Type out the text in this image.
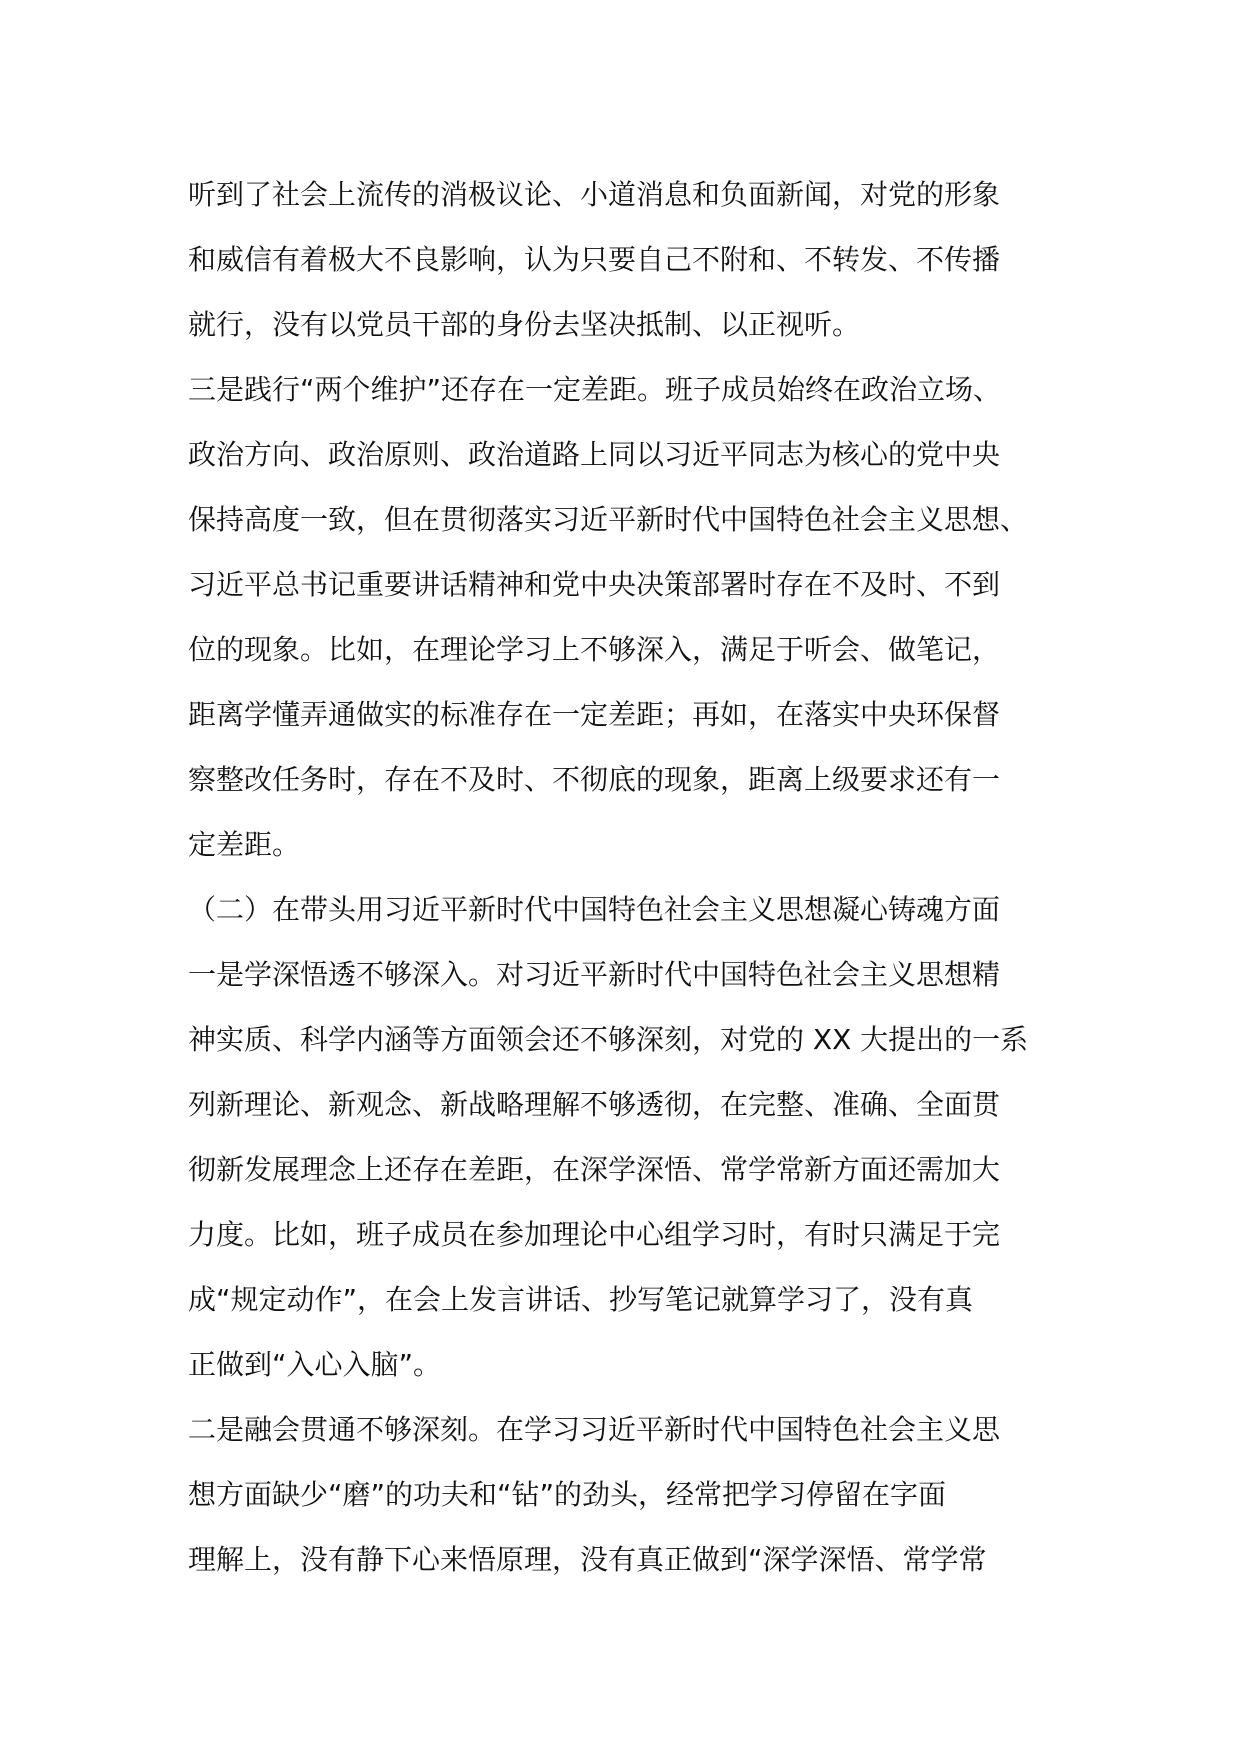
听到了社会上流传的消极议论、小道消息和负面新闻，对党的形象
和威信有着极大不良影响，认为只要自己不附和、不转发、不传播
就行，没有以党员干部的身份去坚决抵制、以正视听。
三是践行“两个维护”还存在一定差距。班子成员始终在政治立场、
政治方向、政治原则、政治道路上同以习近平同志为核心的党中央
保持高度一致，但在贯彻落实习近平新时代中国特色社会主义思想、
习近平总书记重要讲话精神和党中央决策部署时存在不及时、不到
位的现象。比如，在理论学习上不够深入，满足于听会、做笔记，
距离学懂弄通做实的标准存在一定差距；再如，在落实中央环保督
察整改任务时，存在不及时、不彻底的现象，距离上级要求还有一
定差距。
（二）在带头用习近平新时代中国特色社会主义思想凝心铸魂方面
一是学深悟透不够深入。对习近平新时代中国特色社会主义思想精
神实质、科学内涵等方面领会还不够深刻，对党的 XX 大提出的一系
列新理论、新观念、新战略理解不够透彻，在完整、准确、全面贯
彻新发展理念上还存在差距，在深学深悟、常学常新方面还需加大
力度。比如，班子成员在参加理论中心组学习时，有时只满足于完
成“规定动作”，在会上发言讲话、抄写笔记就算学习了，没有真
正做到“入心入脑”。
二是融会贯通不够深刻。在学习习近平新时代中国特色社会主义思
想方面缺少“磨”的功夫和“钻”的劲头，经常把学习停留在字面
理解上，没有静下心来悟原理，没有真正做到“深学深悟、常学常
